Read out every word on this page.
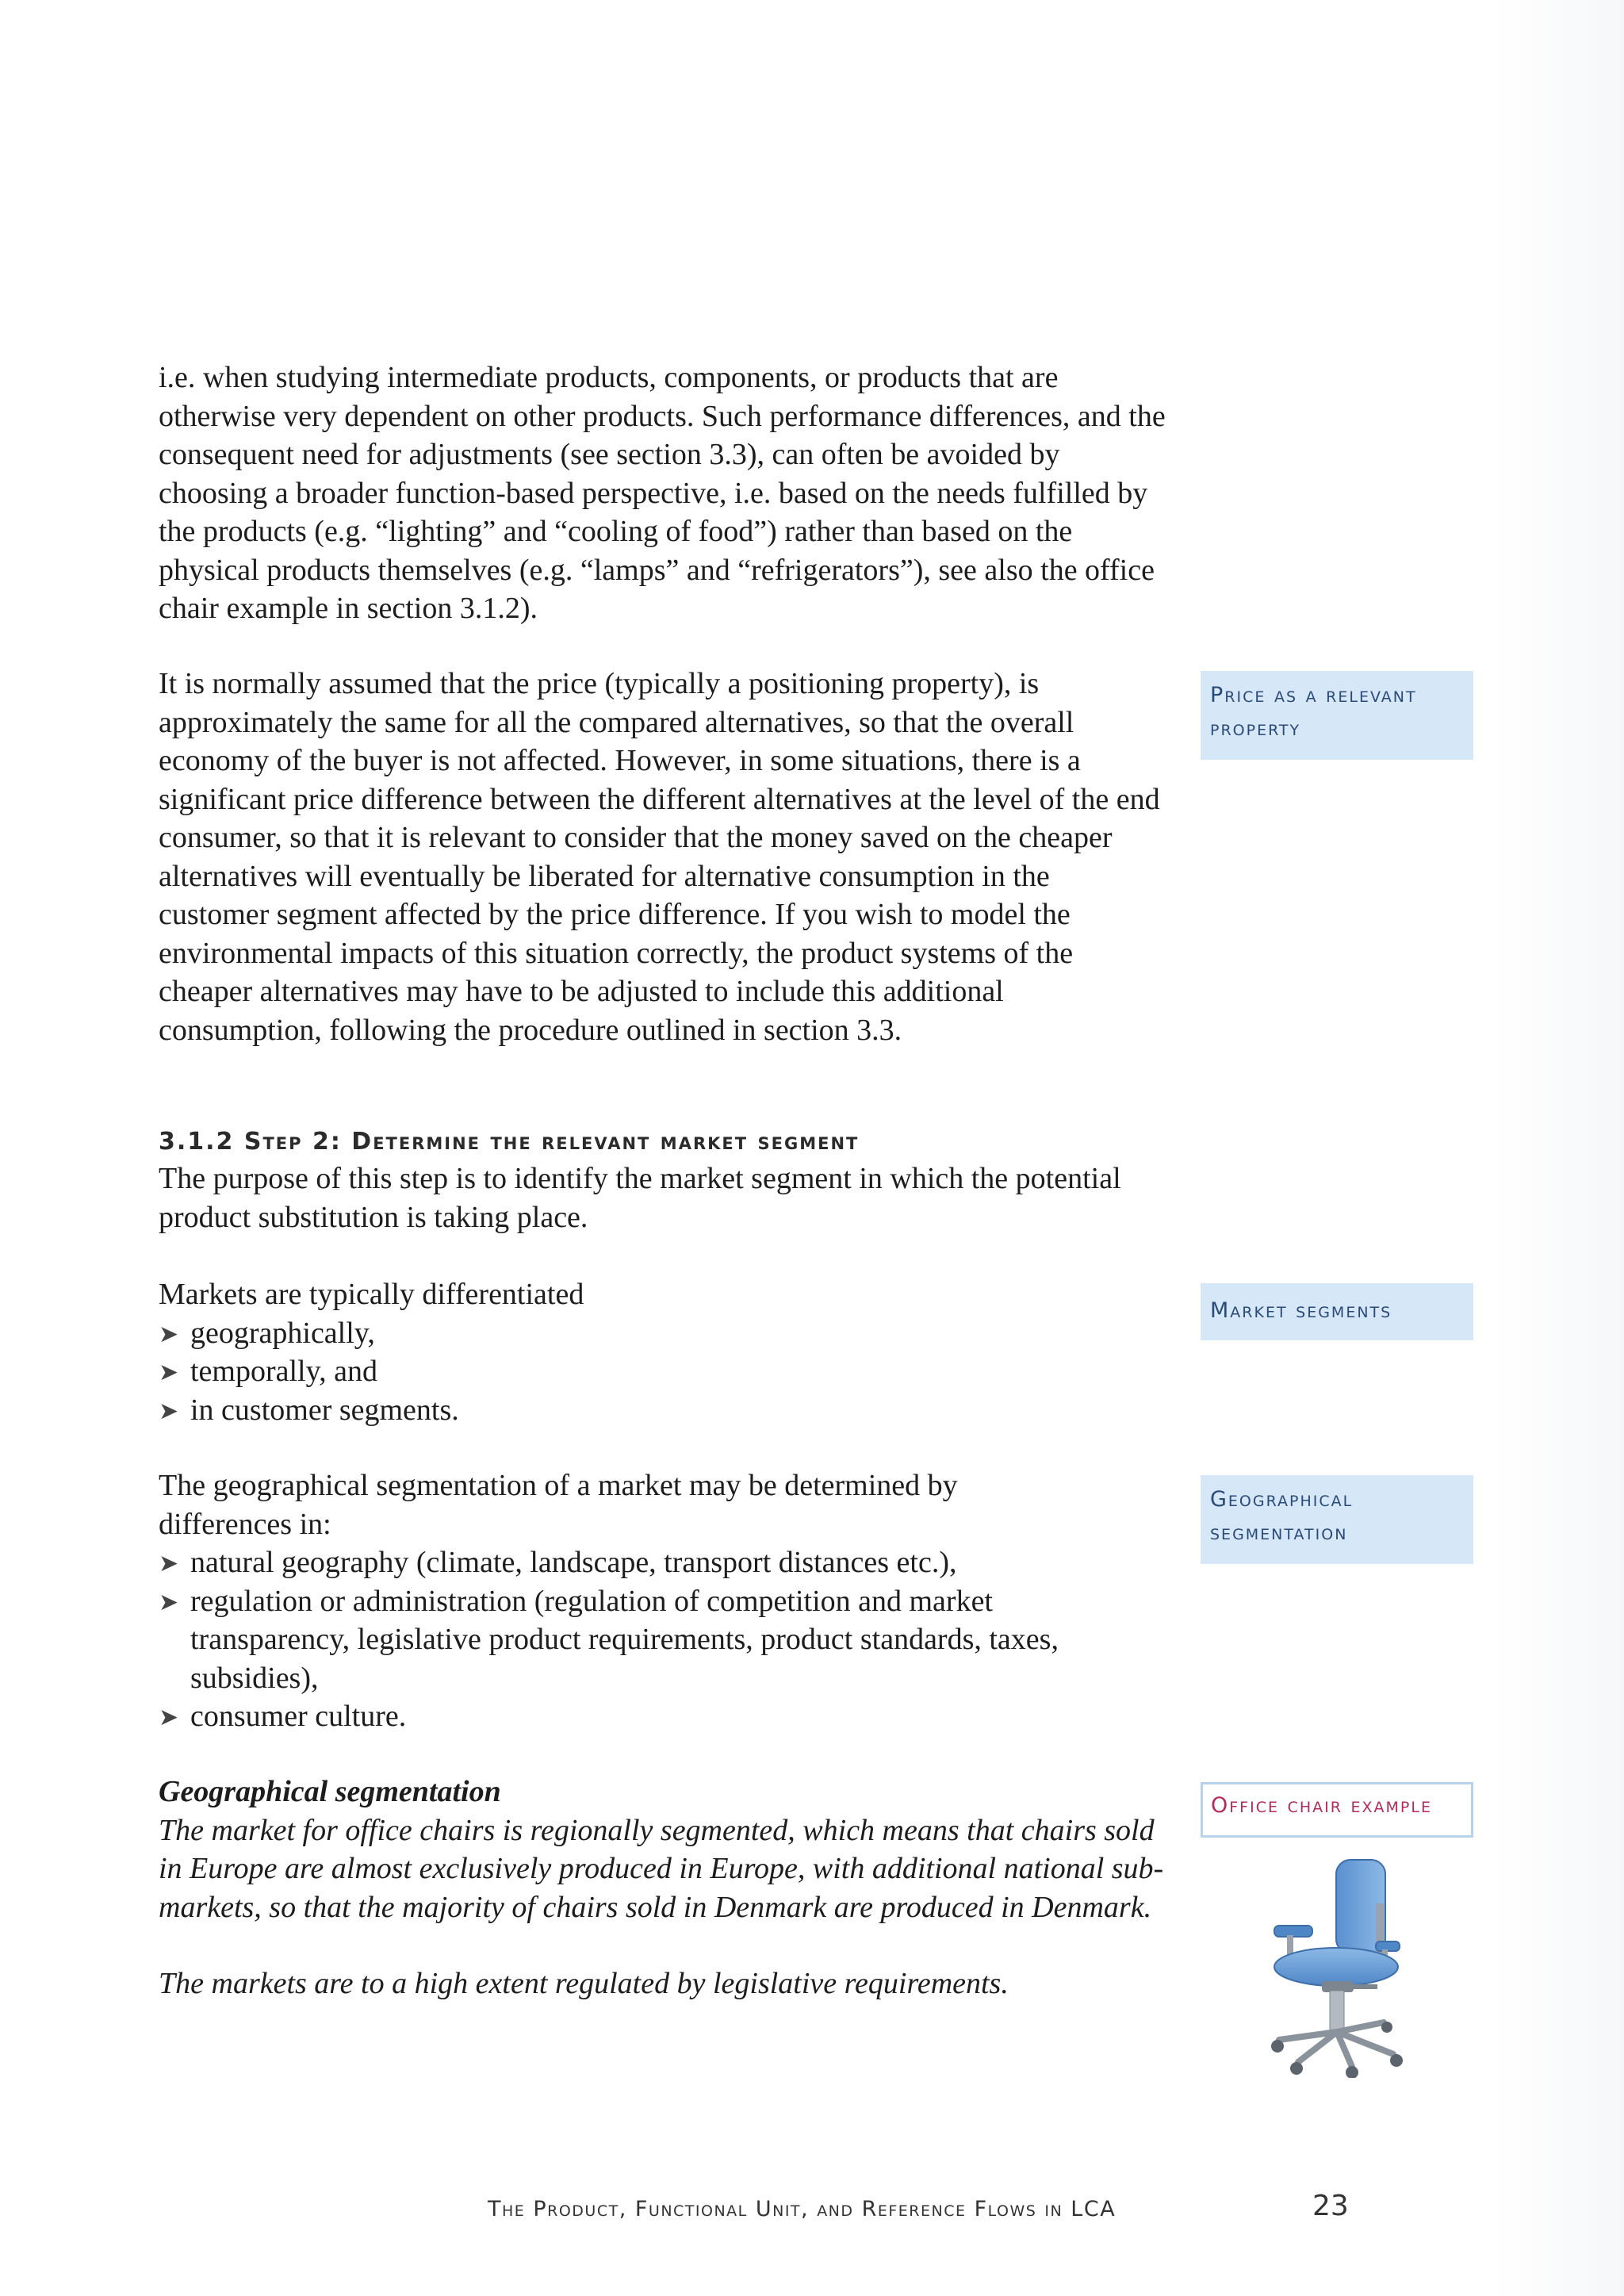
i.e. when studying intermediate products, components, or products that are otherwise very dependent on other products. Such performance differences, and the consequent need for adjustments (see section 3.3), can often be avoided by choosing a broader function-based perspective, i.e. based on the needs fulfilled by the products (e.g. “lighting” and “cooling of food”) rather than based on the physical products themselves (e.g. “lamps” and “refrigerators”), see also the office chair example in section 3.1.2).

It is normally assumed that the price (typically a positioning property), is approximately the same for all the compared alternatives, so that the overall economy of the buyer is not affected. However, in some situations, there is a significant price difference between the different alternatives at the level of the end consumer, so that it is relevant to consider that the money saved on the cheaper alternatives will eventually be liberated for alternative consumption in the customer segment affected by the price difference. If you wish to model the environmental impacts of this situation correctly, the product systems of the cheaper alternatives may have to be adjusted to include this additional consumption, following the procedure outlined in section 3.3.

3.1.2 Step 2: Determine the relevant market segment

The purpose of this step is to identify the market segment in which the potential product substitution is taking place.

Markets are typically differentiated

➤ geographically,
➤ temporally, and
➤ in customer segments.

The geographical segmentation of a market may be determined by differences in:

➤ natural geography (climate, landscape, transport distances etc.),
➤ regulation or administration (regulation of competition and market transparency, legislative product requirements, product standards, taxes, subsidies),
➤ consumer culture.

Geographical segmentation

The market for office chairs is regionally segmented, which means that chairs sold in Europe are almost exclusively produced in Europe, with additional national sub-markets, so that the majority of chairs sold in Denmark are produced in Denmark.

The markets are to a high extent regulated by legislative requirements.

Price as a relevant property
Market segments
Geographical segmentation
Office chair example
The Product, Functional Unit, and Reference Flows in LCA	23
